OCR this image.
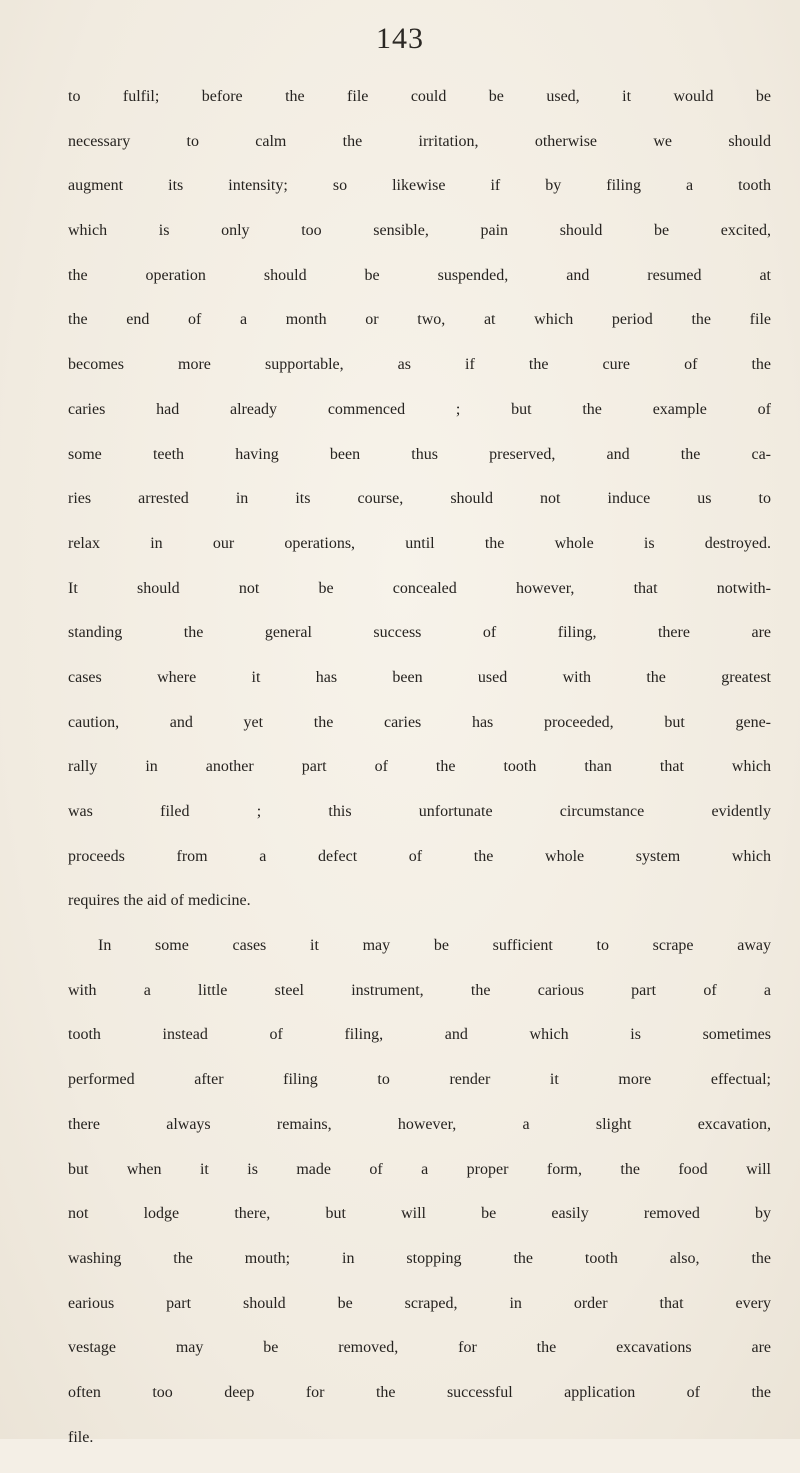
143
to fulfil; before the file could be used, it would be
necessary to calm the irritation, otherwise we should
augment its intensity; so likewise if by filing a tooth
which is only too sensible, pain should be excited,
the operation should be suspended, and resumed at
the end of a month or two, at which period the file
becomes more supportable, as if the cure of the
caries had already commenced ; but the example of
some teeth having been thus preserved, and the ca-
ries arrested in its course, should not induce us to
relax in our operations, until the whole is destroyed.
It should not be concealed however, that notwith-
standing the general success of filing, there are
cases where it has been used with the greatest
caution, and yet the caries has proceeded, but gene-
rally in another part of the tooth than that which
was filed ; this unfortunate circumstance evidently
proceeds from a defect of the whole system which
requires the aid of medicine.
In some cases it may be sufficient to scrape away
with a little steel instrument, the carious part of a
tooth instead of filing, and which is sometimes
performed after filing to render it more effectual;
there always remains, however, a slight excavation,
but when it is made of a proper form, the food will
not lodge there, but will be easily removed by
washing the mouth; in stopping the tooth also, the
earious part should be scraped, in order that every
vestage may be removed, for the excavations are
often too deep for the successful application of the
file.
